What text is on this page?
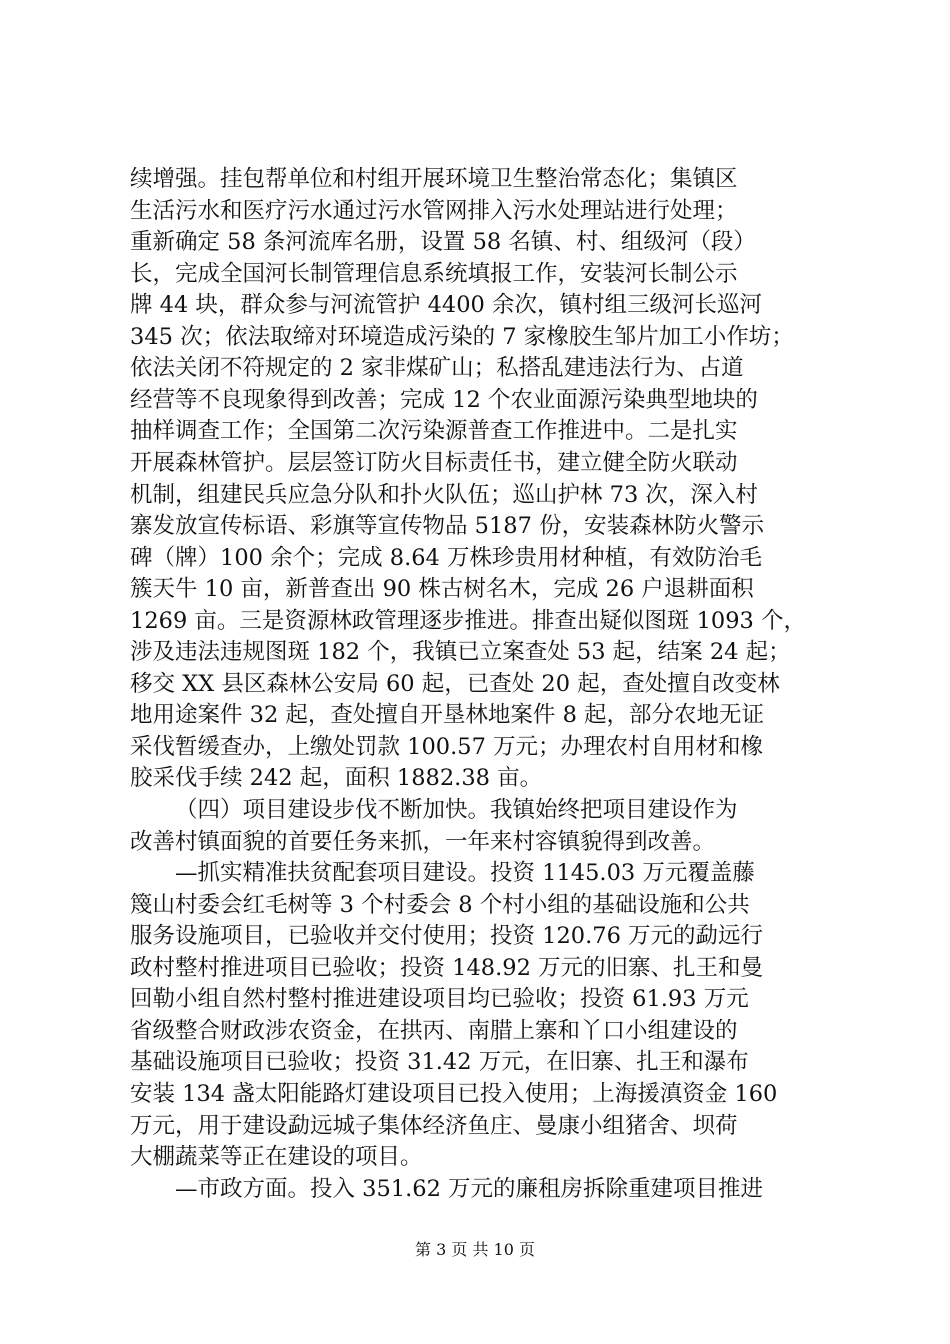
续增强。挂包帮单位和村组开展环境卫生整治常态化；集镇区
生活污水和医疗污水通过污水管网排入污水处理站进行处理；
重新确定 58 条河流库名册，设置 58 名镇、村、组级河（段）
长，完成全国河长制管理信息系统填报工作，安装河长制公示
牌 44 块，群众参与河流管护 4400 余次，镇村组三级河长巡河
345 次；依法取缔对环境造成污染的 7 家橡胶生邹片加工小作坊；
依法关闭不符规定的 2 家非煤矿山；私搭乱建违法行为、占道
经营等不良现象得到改善；完成 12 个农业面源污染典型地块的
抽样调查工作；全国第二次污染源普查工作推进中。二是扎实
开展森林管护。层层签订防火目标责任书，建立健全防火联动
机制，组建民兵应急分队和扑火队伍；巡山护林 73 次，深入村
寨发放宣传标语、彩旗等宣传物品 5187 份，安装森林防火警示
碑（牌）100 余个；完成 8.64 万株珍贵用材种植，有效防治毛
簇天牛 10 亩，新普查出 90 株古树名木，完成 26 户退耕面积
1269 亩。三是资源林政管理逐步推进。排查出疑似图斑 1093 个，
涉及违法违规图斑 182 个，我镇已立案查处 53 起，结案 24 起；
移交 XX 县区森林公安局 60 起，已查处 20 起，查处擅自改变林
地用途案件 32 起，查处擅自开垦林地案件 8 起，部分农地无证
采伐暂缓查办，上缴处罚款 100.57 万元；办理农村自用材和橡
胶采伐手续 242 起，面积 1882.38 亩。
（四）项目建设步伐不断加快。我镇始终把项目建设作为
改善村镇面貌的首要任务来抓，一年来村容镇貌得到改善。
—抓实精准扶贫配套项目建设。投资 1145.03 万元覆盖藤
篾山村委会红毛树等 3 个村委会 8 个村小组的基础设施和公共
服务设施项目，已验收并交付使用；投资 120.76 万元的勐远行
政村整村推进项目已验收；投资 148.92 万元的旧寨、扎王和曼
回勒小组自然村整村推进建设项目均已验收；投资 61.93 万元
省级整合财政涉农资金，在拱丙、南腊上寨和丫口小组建设的
基础设施项目已验收；投资 31.42 万元，在旧寨、扎王和瀑布
安装 134 盏太阳能路灯建设项目已投入使用；上海援滇资金 160
万元，用于建设勐远城子集体经济鱼庄、曼康小组猪舍、坝荷
大棚蔬菜等正在建设的项目。
—市政方面。投入 351.62 万元的廉租房拆除重建项目推进
第 3 页 共 10 页
